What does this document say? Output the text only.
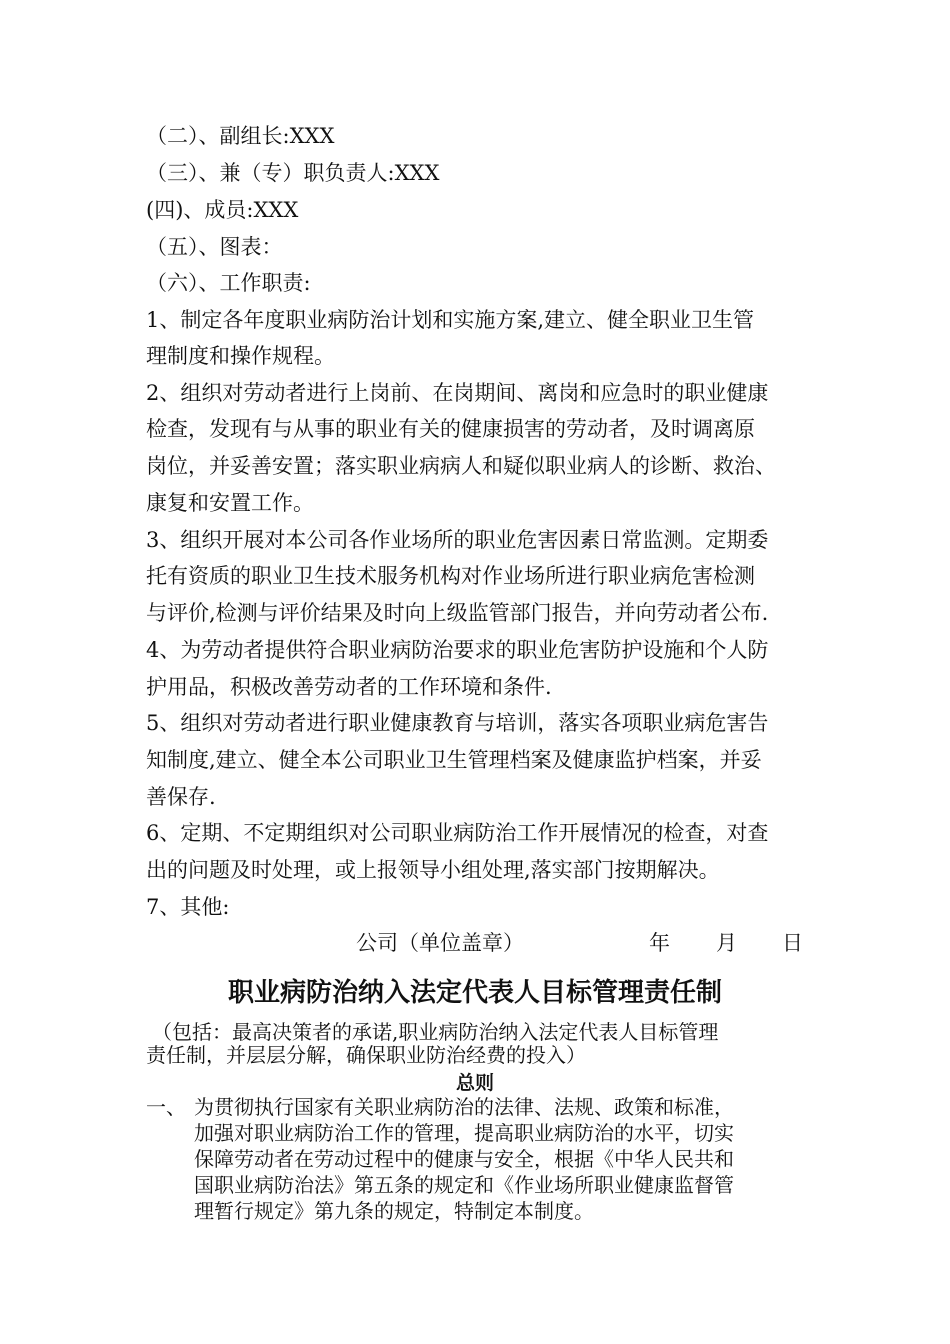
（二）、副组长:XXX
（三）、兼（专）职负责人:XXX
(四)、成员:XXX
（五）、图表：
（六）、工作职责:
1、制定各年度职业病防治计划和实施方案,建立、健全职业卫生管
理制度和操作规程。
2、组织对劳动者进行上岗前、在岗期间、离岗和应急时的职业健康
检查，发现有与从事的职业有关的健康损害的劳动者，及时调离原
岗位，并妥善安置；落实职业病病人和疑似职业病人的诊断、救治、
康复和安置工作。
3、组织开展对本公司各作业场所的职业危害因素日常监测。定期委
托有资质的职业卫生技术服务机构对作业场所进行职业病危害检测
与评价,检测与评价结果及时向上级监管部门报告，并向劳动者公布.
4、为劳动者提供符合职业病防治要求的职业危害防护设施和个人防
护用品，积极改善劳动者的工作环境和条件.
5、组织对劳动者进行职业健康教育与培训，落实各项职业病危害告
知制度,建立、健全本公司职业卫生管理档案及健康监护档案，并妥
善保存.
6、定期、不定期组织对公司职业病防治工作开展情况的检查，对查
出的问题及时处理，或上报领导小组处理,落实部门按期解决。
7、其他:
公司（单位盖章）	年 月 日
职业病防治纳入法定代表人目标管理责任制
（包括：最高决策者的承诺,职业病防治纳入法定代表人目标管理
责任制，并层层分解，确保职业防治经费的投入）
总则
一、 为贯彻执行国家有关职业病防治的法律、法规、政策和标准，
加强对职业病防治工作的管理，提高职业病防治的水平，切实
保障劳动者在劳动过程中的健康与安全，根据《中华人民共和
国职业病防治法》第五条的规定和《作业场所职业健康监督管
理暂行规定》第九条的规定，特制定本制度。
